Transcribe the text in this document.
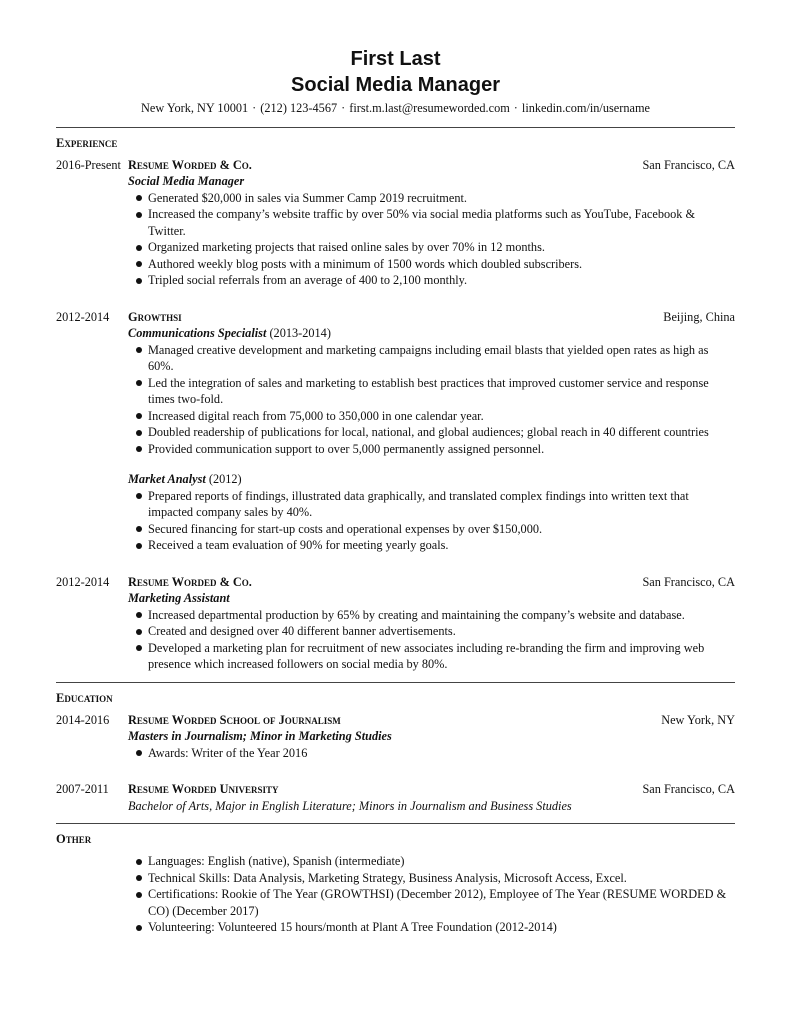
First Last
Social Media Manager
New York, NY 10001 · (212) 123-4567 · first.m.last@resumeworded.com · linkedin.com/in/username
Experience
2016-Present Resume Worded & Co.	San Francisco, CA
Social Media Manager
Generated $20,000 in sales via Summer Camp 2019 recruitment.
Increased the company’s website traffic by over 50% via social media platforms such as YouTube, Facebook & Twitter.
Organized marketing projects that raised online sales by over 70% in 12 months.
Authored weekly blog posts with a minimum of 1500 words which doubled subscribers.
Tripled social referrals from an average of 400 to 2,100 monthly.
2012-2014	Growthsi	Beijing, China
Communications Specialist (2013-2014)
Managed creative development and marketing campaigns including email blasts that yielded open rates as high as 60%.
Led the integration of sales and marketing to establish best practices that improved customer service and response times two-fold.
Increased digital reach from 75,000 to 350,000 in one calendar year.
Doubled readership of publications for local, national, and global audiences; global reach in 40 different countries
Provided communication support to over 5,000 permanently assigned personnel.
Market Analyst (2012)
Prepared reports of findings, illustrated data graphically, and translated complex findings into written text that impacted company sales by 40%.
Secured financing for start-up costs and operational expenses by over $150,000.
Received a team evaluation of 90% for meeting yearly goals.
2012-2014	Resume Worded & Co.	San Francisco, CA
Marketing Assistant
Increased departmental production by 65% by creating and maintaining the company’s website and database.
Created and designed over 40 different banner advertisements.
Developed a marketing plan for recruitment of new associates including re-branding the firm and improving web presence which increased followers on social media by 80%.
Education
2014-2016	Resume Worded School of Journalism	New York, NY
Masters in Journalism; Minor in Marketing Studies
Awards: Writer of the Year 2016
2007-2011	Resume Worded University	San Francisco, CA
Bachelor of Arts, Major in English Literature; Minors in Journalism and Business Studies
Other
Languages: English (native), Spanish (intermediate)
Technical Skills: Data Analysis, Marketing Strategy, Business Analysis, Microsoft Access, Excel.
Certifications: Rookie of The Year (GROWTHSI) (December 2012), Employee of The Year (RESUME WORDED & CO) (December 2017)
Volunteering: Volunteered 15 hours/month at Plant A Tree Foundation (2012-2014)
